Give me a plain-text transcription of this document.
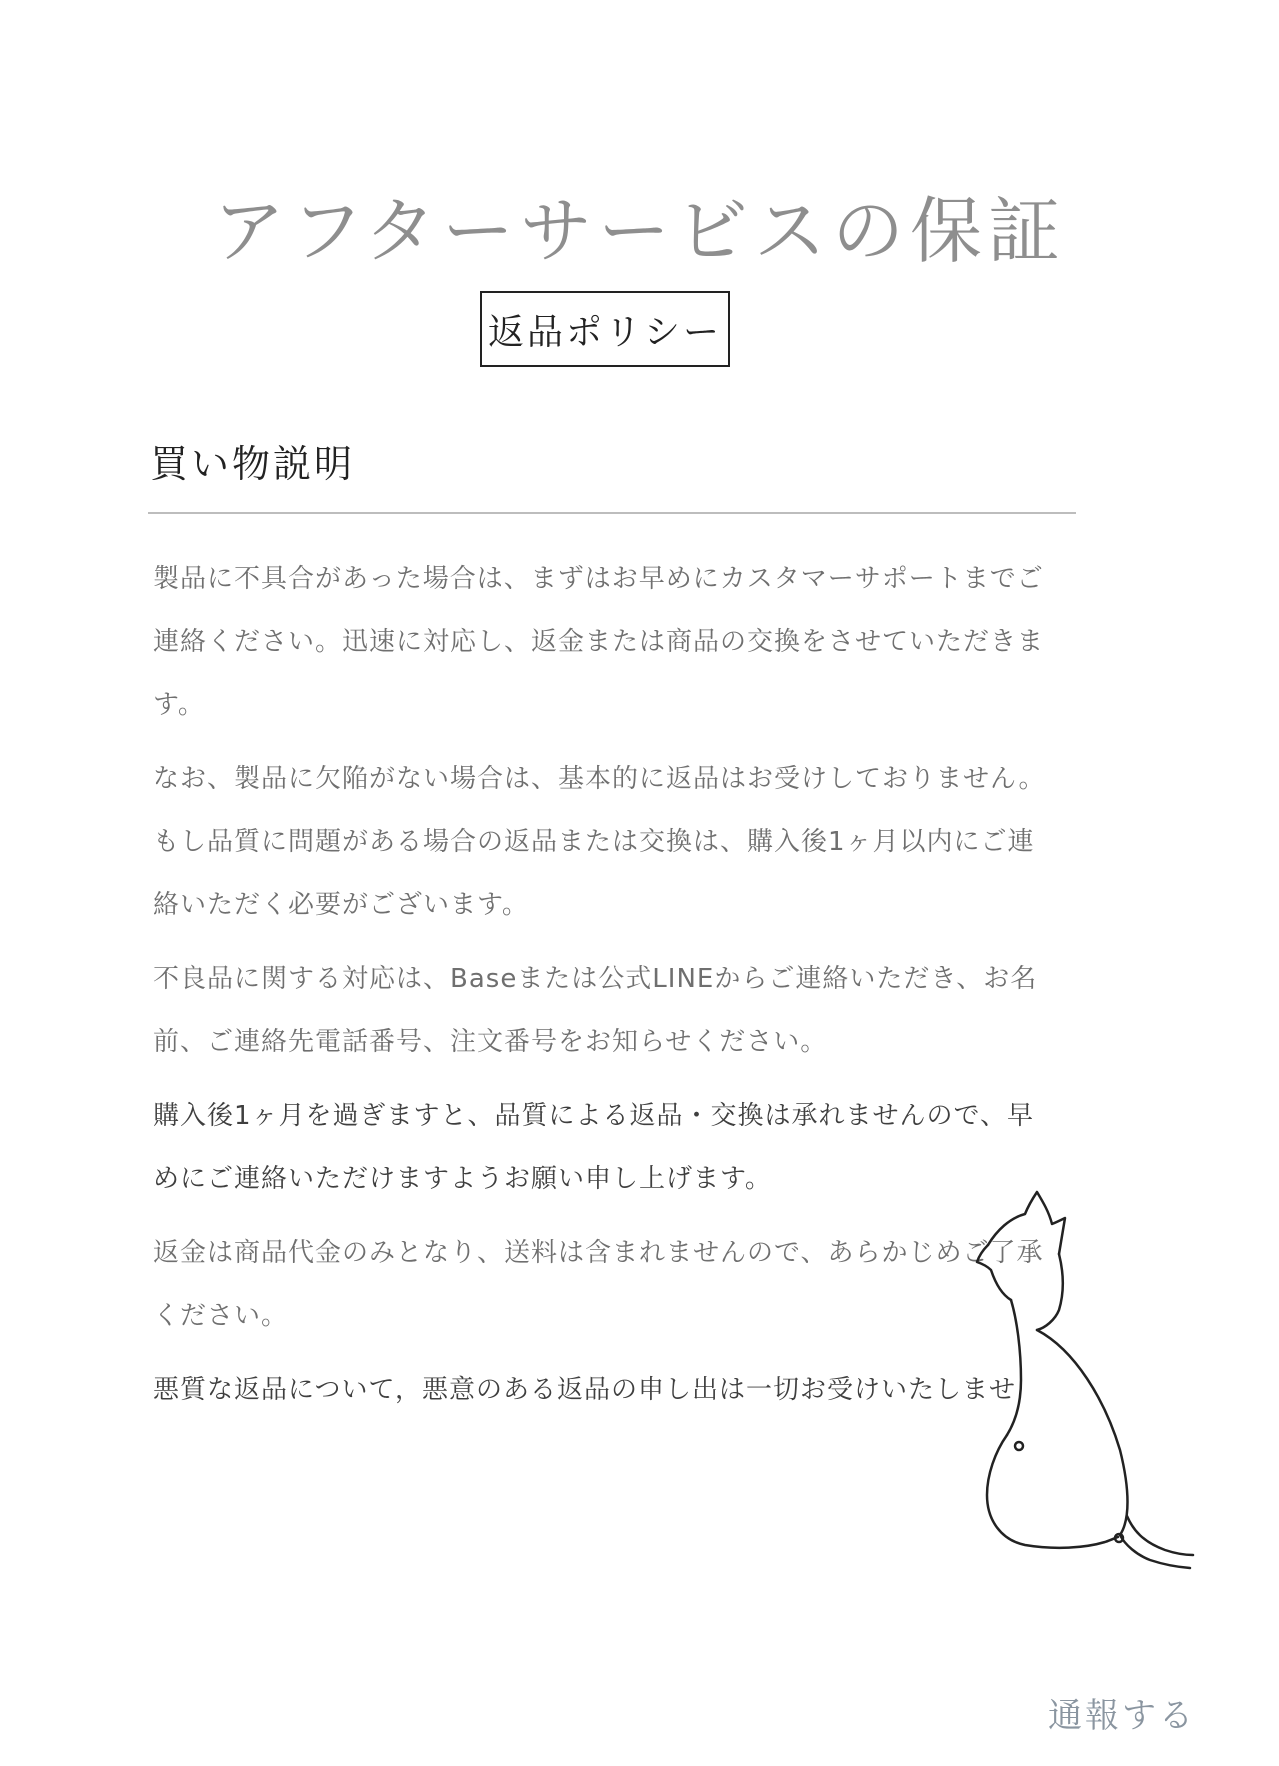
アフターサービスの保証
返品ポリシー
買い物説明

製品に不具合があった場合は、まずはお早めにカスタマーサポートまでご連絡ください。迅速に対応し、返金または商品の交換をさせていただきます。

なお、製品に欠陥がない場合は、基本的に返品はお受けしておりません。もし品質に問題がある場合の返品または交換は、購入後1ヶ月以内にご連絡いただく必要がございます。

不良品に関する対応は、Baseまたは公式LINEからご連絡いただき、お名前、ご連絡先電話番号、注文番号をお知らせください。

購入後1ヶ月を過ぎますと、品質による返品・交換は承れませんので、早めにご連絡いただけますようお願い申し上げます。

返金は商品代金のみとなり、送料は含まれませんので、あらかじめご了承ください。

悪質な返品について，悪意のある返品の申し出は一切お受けいたしませ

通報する
